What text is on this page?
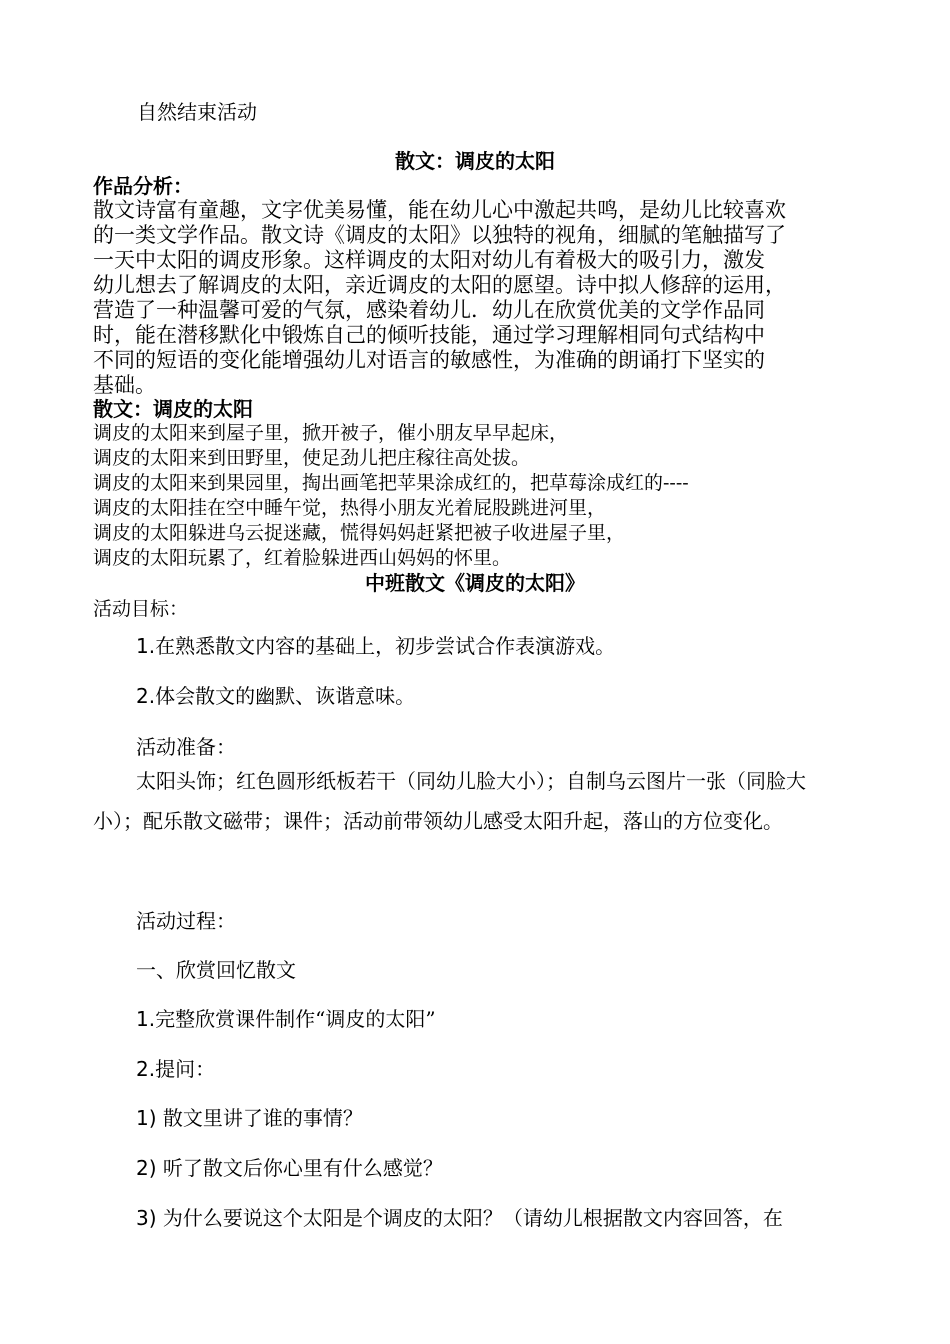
自然结束活动

散文：调皮的太阳

作品分析：

散文诗富有童趣，文字优美易懂，能在幼儿心中激起共鸣，是幼儿比较喜欢

的一类文学作品。散文诗《调皮的太阳》以独特的视角，细腻的笔触描写了

一天中太阳的调皮形象。这样调皮的太阳对幼儿有着极大的吸引力，激发

幼儿想去了解调皮的太阳，亲近调皮的太阳的愿望。诗中拟人修辞的运用，

营造了一种温馨可爱的气氛，感染着幼儿．幼儿在欣赏优美的文学作品同

时，能在潜移默化中锻炼自己的倾听技能，通过学习理解相同句式结构中

不同的短语的变化能增强幼儿对语言的敏感性，为准确的朗诵打下坚实的

基础。

散文：调皮的太阳

调皮的太阳来到屋子里，掀开被子，催小朋友早早起床，

调皮的太阳来到田野里，使足劲儿把庄稼往高处拔。

调皮的太阳来到果园里，掏出画笔把苹果涂成红的，把草莓涂成红的----

调皮的太阳挂在空中睡午觉，热得小朋友光着屁股跳进河里，

调皮的太阳躲进乌云捉迷藏，慌得妈妈赶紧把被子收进屋子里，

调皮的太阳玩累了，红着脸躲进西山妈妈的怀里。

中班散文《调皮的太阳》

活动目标：

1.在熟悉散文内容的基础上，初步尝试合作表演游戏。

2.体会散文的幽默、诙谐意味。

活动准备：

太阳头饰；红色圆形纸板若干（同幼儿脸大小）；自制乌云图片一张（同脸大

小）；配乐散文磁带；课件；活动前带领幼儿感受太阳升起，落山的方位变化。

活动过程：

一、欣赏回忆散文

1.完整欣赏课件制作“调皮的太阳”

2.提问：

1) 散文里讲了谁的事情？

2) 听了散文后你心里有什么感觉？

3) 为什么要说这个太阳是个调皮的太阳？（请幼儿根据散文内容回答，在
